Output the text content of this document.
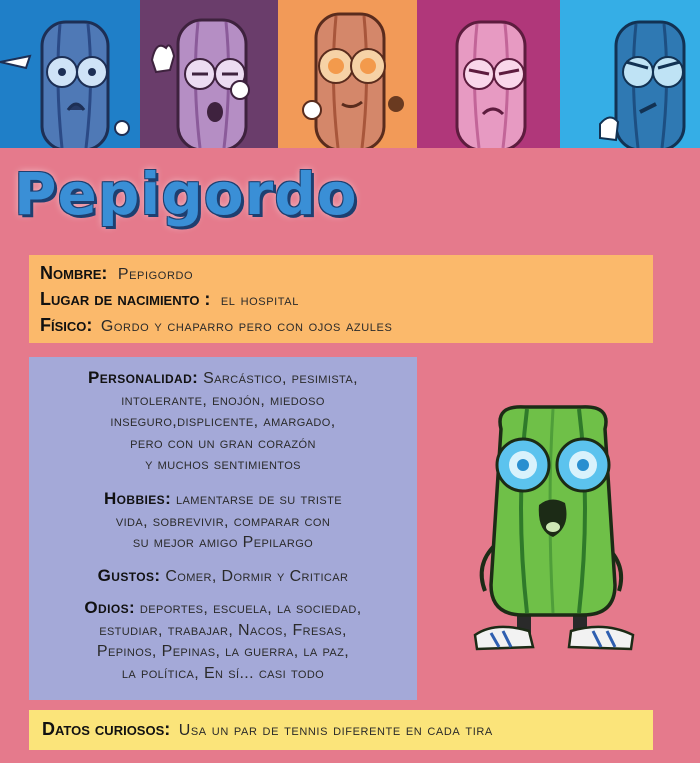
Pepigordo
Nombre: Pepigordo
Lugar de nacimiento : el hospital
Físico: Gordo y chaparro pero con ojos azules
Personalidad: Sarcástico, pesimista,
intolerante, enojón, miedoso
inseguro,displicente, amargado,
pero con un gran corazón
y muchos sentimientos
Hobbies: lamentarse de su triste
vida, sobrevivir, comparar con
su mejor amigo Pepilargo
Gustos: Comer, Dormir y Criticar
Odios: deportes, escuela, la sociedad,
estudiar, trabajar, Nacos, Fresas,
Pepinos, Pepinas, la guerra, la paz,
la política, En sí... casi todo
Datos curiosos: Usa un par de tennis diferente en cada tira
